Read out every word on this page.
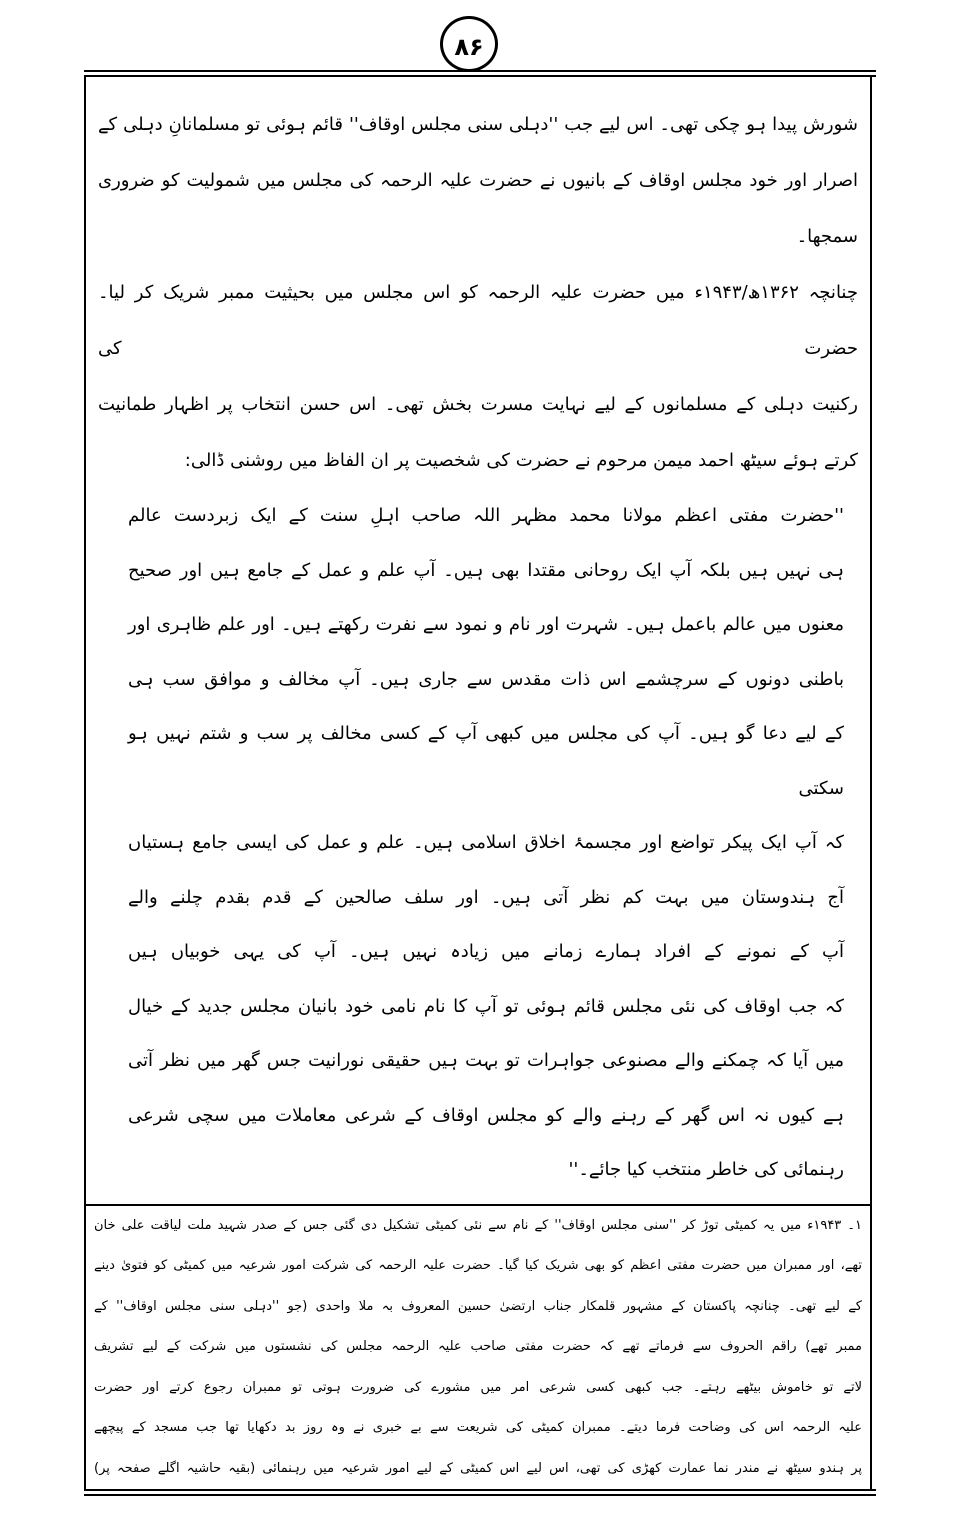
۸۶
شورش پیدا ہو چکی تھی۔ اس لیے جب ''دہلی سنی مجلس اوقاف'' قائم ہوئی تو مسلمانانِ دہلی کے
اصرار اور خود مجلس اوقاف کے بانیوں نے حضرت علیہ الرحمہ کی مجلس میں شمولیت کو ضروری سمجھا۔
چنانچہ ۱۳۶۲ھ/۱۹۴۳ء میں حضرت علیہ الرحمہ کو اس مجلس میں بحیثیت ممبر شریک کر لیا۔ حضرت کی
رکنیت دہلی کے مسلمانوں کے لیے نہایت مسرت بخش تھی۔ اس حسن انتخاب پر اظہار طمانیت
کرتے ہوئے سیٹھ احمد میمن مرحوم نے حضرت کی شخصیت پر ان الفاظ میں روشنی ڈالی:
''حضرت مفتی اعظم مولانا محمد مظہر اللہ صاحب اہلِ سنت کے ایک زبردست عالم
ہی نہیں ہیں بلکہ آپ ایک روحانی مقتدا بھی ہیں۔ آپ علم و عمل کے جامع ہیں اور صحیح
معنوں میں عالم باعمل ہیں۔ شہرت اور نام و نمود سے نفرت رکھتے ہیں۔ اور علم ظاہری اور
باطنی دونوں کے سرچشمے اس ذات مقدس سے جاری ہیں۔ آپ مخالف و موافق سب ہی
کے لیے دعا گو ہیں۔ آپ کی مجلس میں کبھی آپ کے کسی مخالف پر سب و شتم نہیں ہو سکتی
کہ آپ ایک پیکر تواضع اور مجسمۂ اخلاق اسلامی ہیں۔ علم و عمل کی ایسی جامع ہستیاں
آج ہندوستان میں بہت کم نظر آتی ہیں۔ اور سلف صالحین کے قدم بقدم چلنے والے
آپ کے نمونے کے افراد ہمارے زمانے میں زیادہ نہیں ہیں۔ آپ کی یہی خوبیاں ہیں
کہ جب اوقاف کی نئی مجلس قائم ہوئی تو آپ کا نام نامی خود بانیان مجلس جدید کے خیال
میں آیا کہ چمکنے والے مصنوعی جواہرات تو بہت ہیں حقیقی نورانیت جس گھر میں نظر آتی
ہے کیوں نہ اس گھر کے رہنے والے کو مجلس اوقاف کے شرعی معاملات میں سچی شرعی
رہنمائی کی خاطر منتخب کیا جائے۔''
۱۔ ۱۹۴۳ء میں یہ کمیٹی توڑ کر ''سنی مجلس اوقاف'' کے نام سے نئی کمیٹی تشکیل دی گئی جس کے صدر شہید ملت لیاقت علی خان
تھے، اور ممبران میں حضرت مفتی اعظم کو بھی شریک کیا گیا۔ حضرت علیہ الرحمہ کی شرکت امور شرعیہ میں کمیٹی کو فتویٰ دینے
کے لیے تھی۔ چنانچہ پاکستان کے مشہور قلمکار جناب ارتضیٰ حسین المعروف بہ ملا واحدی (جو ''دہلی سنی مجلس اوقاف'' کے
ممبر تھے) راقم الحروف سے فرماتے تھے کہ حضرت مفتی صاحب علیہ الرحمہ مجلس کی نشستوں میں شرکت کے لیے تشریف
لاتے تو خاموش بیٹھے رہتے۔ جب کبھی کسی شرعی امر میں مشورے کی ضرورت ہوتی تو ممبران رجوع کرتے اور حضرت
علیہ الرحمہ اس کی وضاحت فرما دیتے۔ ممبران کمیٹی کی شریعت سے بے خبری نے وہ روز بد دکھایا تھا جب مسجد کے پیچھے
پر ہندو سیٹھ نے مندر نما عمارت کھڑی کی تھی، اس لیے اس کمیٹی کے لیے امور شرعیہ میں رہنمائی (بقیہ حاشیہ اگلے صفحہ پر)
